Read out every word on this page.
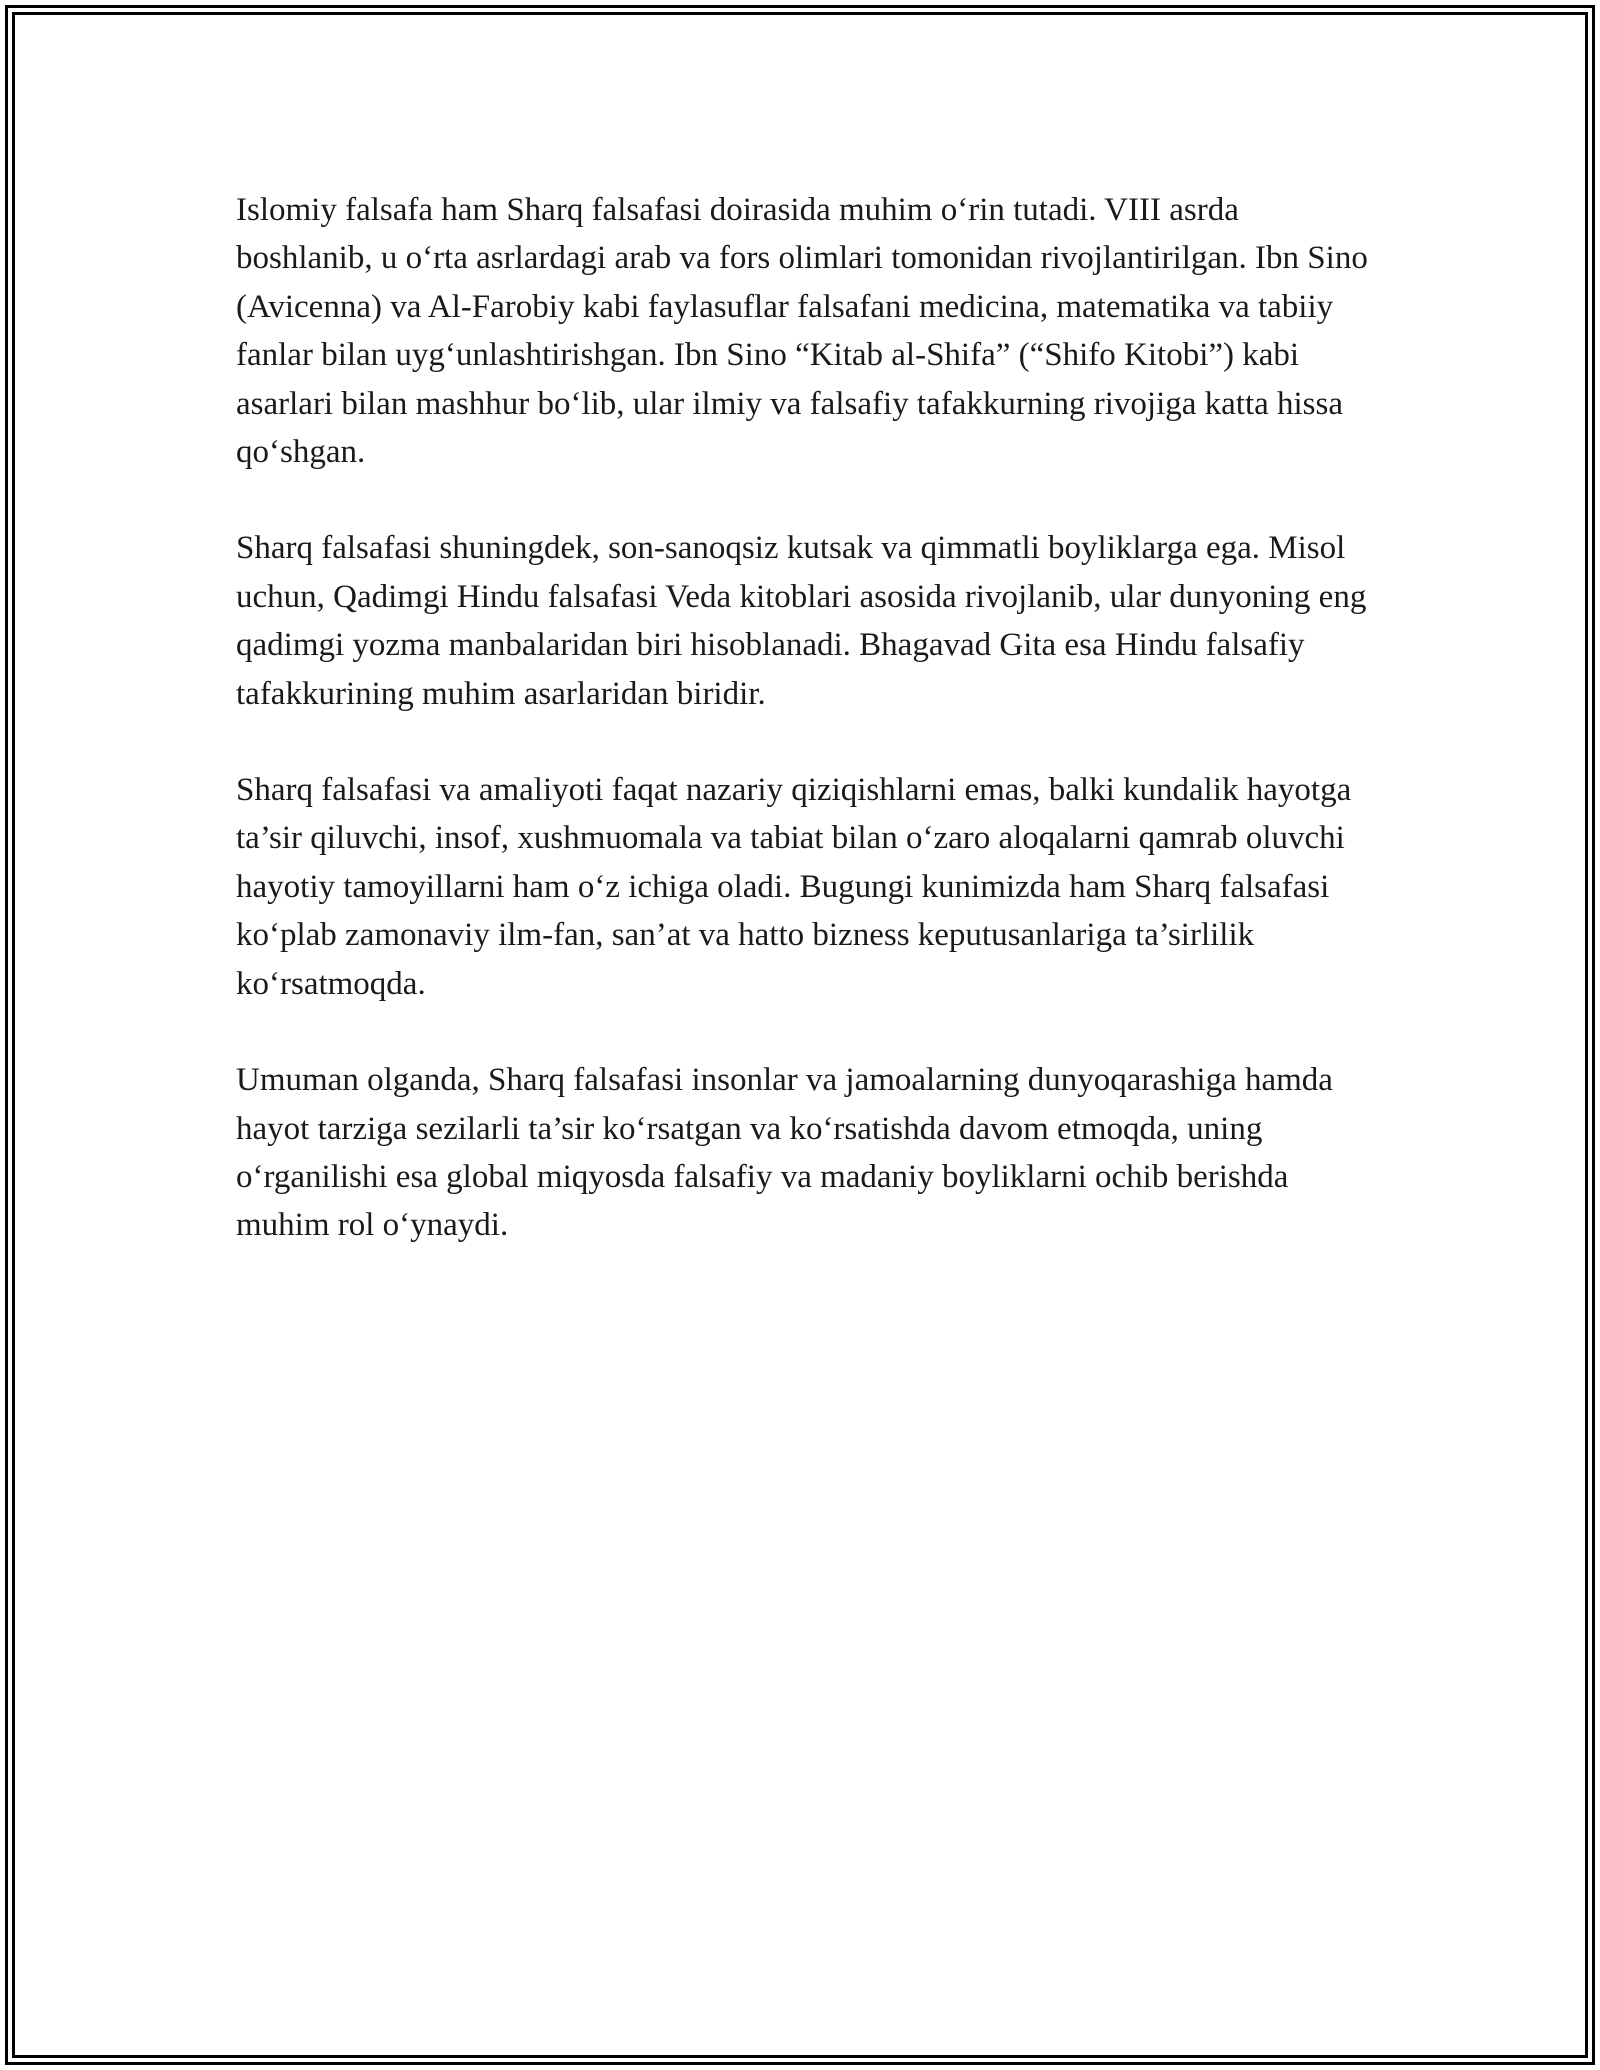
Islomiy falsafa ham Sharq falsafasi doirasida muhim o‘rin tutadi. VIII asrda boshlanib, u o‘rta asrlardagi arab va fors olimlari tomonidan rivojlantirilgan. Ibn Sino (Avicenna) va Al-Farobiy kabi faylasuflar falsafani medicina, matematika va tabiiy fanlar bilan uyg‘unlashtirishgan. Ibn Sino “Kitab al-Shifa” (“Shifo Kitobi”) kabi asarlari bilan mashhur bo‘lib, ular ilmiy va falsafiy tafakkurning rivojiga katta hissa qo‘shgan.

Sharq falsafasi shuningdek, son-sanoqsiz kutsak va qimmatli boyliklarga ega. Misol uchun, Qadimgi Hindu falsafasi Veda kitoblari asosida rivojlanib, ular dunyoning eng qadimgi yozma manbalaridan biri hisoblanadi. Bhagavad Gita esa Hindu falsafiy tafakkurining muhim asarlaridan biridir.

Sharq falsafasi va amaliyoti faqat nazariy qiziqishlarni emas, balki kundalik hayotga ta’sir qiluvchi, insof, xushmuomala va tabiat bilan o‘zaro aloqalarni qamrab oluvchi hayotiy tamoyillarni ham o‘z ichiga oladi. Bugungi kunimizda ham Sharq falsafasi ko‘plab zamonaviy ilm-fan, san’at va hatto bizness keputusanlariga ta’sirlilik ko‘rsatmoqda.

Umuman olganda, Sharq falsafasi insonlar va jamoalarning dunyoqarashiga hamda hayot tarziga sezilarli ta’sir ko‘rsatgan va ko‘rsatishda davom etmoqda, uning o‘rganilishi esa global miqyosda falsafiy va madaniy boyliklarni ochib berishda muhim rol o‘ynaydi.
